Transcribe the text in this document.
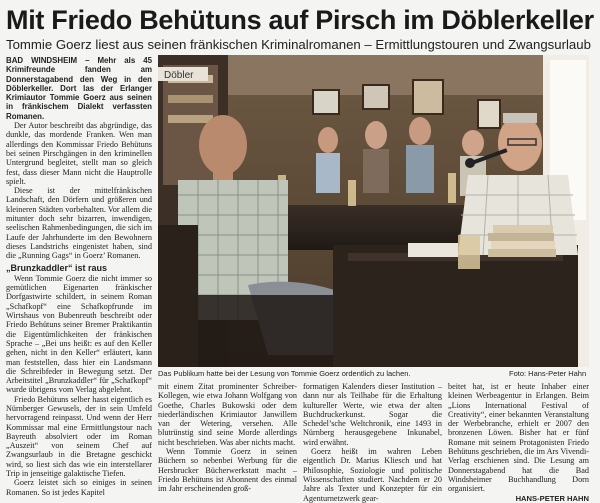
Mit Friedo Behütuns auf Pirsch im Döblerkeller
Tommie Goerz liest aus seinen fränkischen Kriminalromanen – Ermittlungstouren und Zwangsurlaub

BAD WINDSHEIM – Mehr als 45 Krimifreunde fanden am Donnerstagabend den Weg in den Döblerkeller. Dort las der Erlanger Krimiautor Tommie Goerz aus seinen in fränkischem Dialekt verfassten Romanen.

Der Autor beschreibt das abgründige, das dunkle, das mordende Franken. Wen man allerdings den Kommissar Friedo Behütuns bei seinen Pirschgängen in den kriminellen Untergrund begleitet, stellt man so gleich fest, dass dieser Mann nicht die Hauptrolle spielt.

Diese ist der mittelfränkischen Landschaft, den Dörfern und größeren und kleineren Städten vorbehalten. Vor allem die mitunter doch sehr bizarren, inwendigen, seelischen Rahmenbedingungen, die sich im Laufe der Jahrhunderte im den Bewohnern dieses Landstrichs eingenistet haben, sind die „Running Gags“ in Goerz’ Romanen.

„Brunzkaddler“ ist raus

Wenn Tommie Goerz die nicht immer so gemütlichen Eigenarten fränkischer Dorfgastwirte schildert, in seinem Roman „Schafkopf“ eine Schafkopfrunde im Wirtshaus von Bubenreuth beschreibt oder Friedo Behütuns seiner Bremer Praktikantin die Eigentümlichkeiten der fränkischen Sprache – „Bei uns heißt: es auf den Keller gehen, nicht in den Keller“ erläutert, kann man feststellen, dass hier ein Landsmann die Schreibfeder in Bewegung setzt. Der Arbeitstitel „Brunzkaddler“ für „Schafkopf“ wurde übrigens vom Verlag abgelehnt.

Friedo Behütuns selber hasst eigentlich es Nürnberger Gewusels, der in sein Umfeld hervorragend reinpasst. Und wenn der Herr Kommissar mal eine Ermittlungstour nach Bayreuth absolviert oder im Roman „Auszeit“ von seinem Chef auf Zwangsurlaub in die Bretagne geschickt wird, so liest sich das wie ein interstellarer Trip in jenseitige galaktische Tiefen.

Goerz leistet sich so einiges in seinen Romanen. So ist jedes Kapitel

Döbler
Das Publikum hatte bei der Lesung von Tommie Goerz ordentlich zu lachen.	Foto: Hans-Peter Hahn

mit einem Zitat prominenter Schreiber-Kollegen, wie etwa Johann Wolfgang von Goethe, Charles Bukowski oder dem niederländischen Krimiautor Janwillem van der Wetering, versehen. Alle blutrünstig sind seine Morde allerdings nicht beschrieben. Was aber nichts macht.

Wenn Tommie Goerz in seinen Büchern so nebenbei Werbung für die Hersbrucker Bücherwerkstatt macht – Friedo Behütuns ist Abonnent des einmal im Jahr erscheinenden groß-

formatigen Kalenders dieser Institution – dann nur als Teilhabe für die Erhaltung kultureller Werte, wie etwa der alten Buchdruckerkunst. Sogar die Schedel’sche Weltchronik, eine 1493 in Nürnberg herausgegebene Inkunabel, wird erwähnt.

Goerz heißt im wahren Leben eigentlich Dr. Marius Kliesch und hat Philosophie, Soziologie und politische Wissenschaften studiert. Nachdem er 20 Jahre als Texter und Konzepter für ein Agenturnetzwerk gear-

beitet hat, ist er heute Inhaber einer kleinen Werbeagentur in Erlangen. Beim „Lions International Festival of Creativity“, einer bekannten Veranstaltung der Werbebranche, erhielt er 2007 den bronzenen Löwen. Bisher hat er fünf Romane mit seinem Protagonisten Friedo Behütuns geschrieben, die im Ars Vivendi-Verlag erschienen sind. Die Lesung am Donnerstagabend hat die Bad Windsheimer Buchhandlung Dorn organisiert.

HANS-PETER HAHN
